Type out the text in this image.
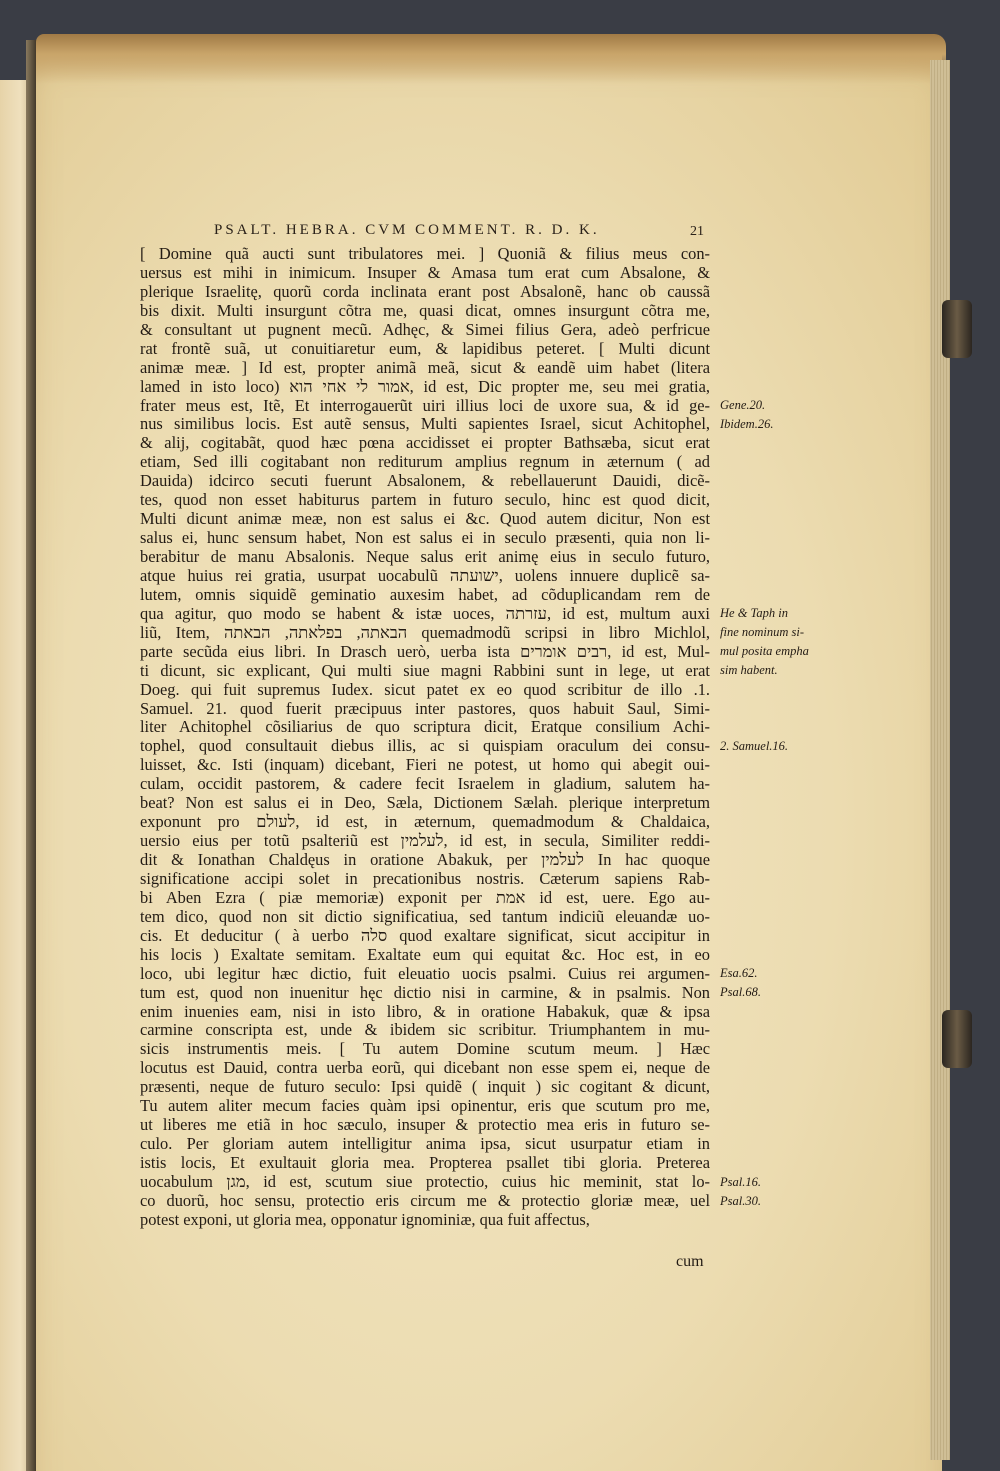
PSALT. HEBRA. CVM COMMENT. R. D. K.	21
[ Domine quã aucti sunt tribulatores mei. ] Quoniã & filius meus con-
uersus est mihi in inimicum. Insuper & Amasa tum erat cum Absalone, &
plerique Israelitę, quorũ corda inclinata erant post Absalonẽ, hanc ob caussã
bis dixit. Multi insurgunt cõtra me, quasi dicat, omnes insurgunt cõtra me,
& consultant ut pugnent mecũ. Adhęc, & Simei filius Gera, adeò perfricue
rat frontẽ suã, ut conuitiaretur eum, & lapidibus peteret. [ Multi dicunt
animæ meæ. ] Id est, propter animã meã, sicut & eandẽ uim habet (litera
lamed in isto loco) אמור לי אחי הוא, id est, Dic propter me, seu mei gratia,
frater meus est, Itẽ, Et interrogauerũt uiri illius loci de uxore sua, & id ge-
nus similibus locis. Est autẽ sensus, Multi sapientes Israel, sicut Achitophel,
& alij, cogitabãt, quod hæc pœna accidisset ei propter Bathsæba, sicut erat
etiam, Sed illi cogitabant non rediturum amplius regnum in æternum ( ad
Dauida) idcirco secuti fuerunt Absalonem, & rebellauerunt Dauidi, dicẽ-
tes, quod non esset habiturus partem in futuro seculo, hinc est quod dicit,
Multi dicunt animæ meæ, non est salus ei &c. Quod autem dicitur, Non est
salus ei, hunc sensum habet, Non est salus ei in seculo præsenti, quia non li-
berabitur de manu Absalonis. Neque salus erit animę eius in seculo futuro,
atque huius rei gratia, usurpat uocabulũ ישועתה, uolens innuere duplicẽ sa-
lutem, omnis siquidẽ geminatio auxesim habet, ad cõduplicandam rem de
qua agitur, quo modo se habent & istæ uoces, עזרתה, id est, multum auxi
liũ, Item, הבאתה, בפלאתה, הבאתה quemadmodũ scripsi in libro Michlol,
parte secũda eius libri. In Drasch uerò, uerba ista רבים אומרים, id est, Mul-
ti dicunt, sic explicant, Qui multi siue magni Rabbini sunt in lege, ut erat
Doeg. qui fuit supremus Iudex. sicut patet ex eo quod scribitur de illo .1.
Samuel. 21. quod fuerit præcipuus inter pastores, quos habuit Saul, Simi-
liter Achitophel cõsiliarius de quo scriptura dicit, Eratque consilium Achi-
tophel, quod consultauit diebus illis, ac si quispiam oraculum dei consu-
luisset, &c. Isti (inquam) dicebant, Fieri ne potest, ut homo qui abegit oui-
culam, occidit pastorem, & cadere fecit Israelem in gladium, salutem ha-
beat? Non est salus ei in Deo, Sæla, Dictionem Sælah. plerique interpretum
exponunt pro לעולם, id est, in æternum, quemadmodum & Chaldaica,
uersio eius per totũ psalteriũ est לעלמין, id est, in secula, Similiter reddi-
dit & Ionathan Chaldęus in oratione Abakuk, per לעלמין In hac quoque
significatione accipi solet in precationibus nostris. Cæterum sapiens Rab-
bi Aben Ezra ( piæ memoriæ) exponit per אמת id est, uere. Ego au-
tem dico, quod non sit dictio significatiua, sed tantum indiciũ eleuandæ uo-
cis. Et deducitur ( à uerbo סלה quod exaltare significat, sicut accipitur in
his locis ) Exaltate semitam. Exaltate eum qui equitat &c. Hoc est, in eo
loco, ubi legitur hæc dictio, fuit eleuatio uocis psalmi. Cuius rei argumen-
tum est, quod non inuenitur hęc dictio nisi in carmine, & in psalmis. Non
enim inuenies eam, nisi in isto libro, & in oratione Habakuk, quæ & ipsa
carmine conscripta est, unde & ibidem sic scribitur. Triumphantem in mu-
sicis instrumentis meis. [ Tu autem Domine scutum meum. ] Hæc
locutus est Dauid, contra uerba eorũ, qui dicebant non esse spem ei, neque de
præsenti, neque de futuro seculo: Ipsi quidẽ ( inquit ) sic cogitant & dicunt,
Tu autem aliter mecum facies quàm ipsi opinentur, eris que scutum pro me,
ut liberes me etiã in hoc sæculo, insuper & protectio mea eris in futuro se-
culo. Per gloriam autem intelligitur anima ipsa, sicut usurpatur etiam in
istis locis, Et exultauit gloria mea. Propterea psallet tibi gloria. Preterea
uocabulum מגן, id est, scutum siue protectio, cuius hic meminit, stat lo-
co duorũ, hoc sensu, protectio eris circum me & protectio gloriæ meæ, uel
potest exponi, ut gloria mea, opponatur ignominiæ, qua fuit affectus,
Gene.20.
Ibidem.26.
He & Taph in
fine nominum si-
mul posita empha
sim habent.
2. Samuel.16.
Esa.62.
Psal.68.
Psal.16.
Psal.30.
cum
